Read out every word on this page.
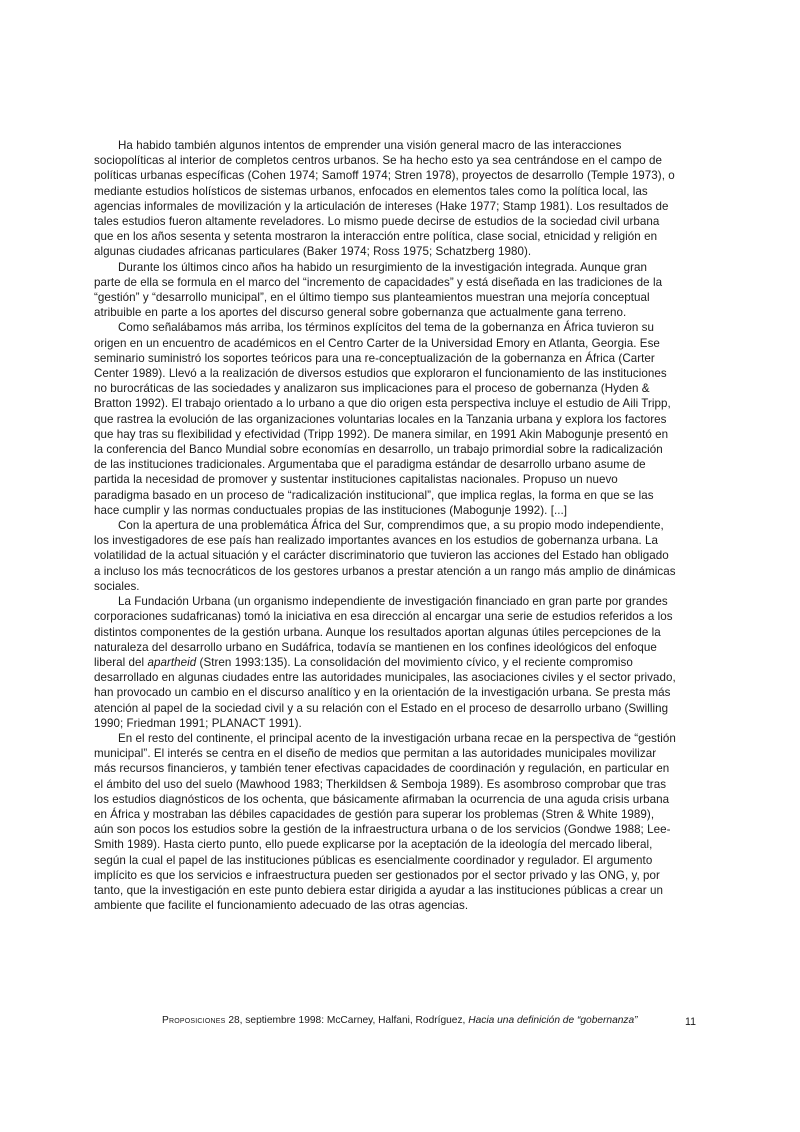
Ha habido también algunos intentos de emprender una visión general macro de las interacciones sociopolíticas al interior de completos centros urbanos. Se ha hecho esto ya sea centrándose en el campo de políticas urbanas específicas (Cohen 1974; Samoff 1974; Stren 1978), proyectos de desarrollo (Temple 1973), o mediante estudios holísticos de sistemas urbanos, enfocados en elementos tales como la política local, las agencias informales de movilización y la articulación de intereses (Hake 1977; Stamp 1981). Los resultados de tales estudios fueron altamente reveladores. Lo mismo puede decirse de estudios de la sociedad civil urbana que en los años sesenta y setenta mostraron la interacción entre política, clase social, etnicidad y religión en algunas ciudades africanas particulares (Baker 1974; Ross 1975; Schatzberg 1980).

Durante los últimos cinco años ha habido un resurgimiento de la investigación integrada. Aunque gran parte de ella se formula en el marco del “incremento de capacidades” y está diseñada en las tradiciones de la “gestión” y “desarrollo municipal”, en el último tiempo sus planteamientos muestran una mejoría conceptual atribuible en parte a los aportes del discurso general sobre gobernanza que actualmente gana terreno.

Como señalábamos más arriba, los términos explícitos del tema de la gobernanza en África tuvieron su origen en un encuentro de académicos en el Centro Carter de la Universidad Emory en Atlanta, Georgia. Ese seminario suministró los soportes teóricos para una re-conceptualización de la gobernanza en África (Carter Center 1989). Llevó a la realización de diversos estudios que exploraron el funcionamiento de las instituciones no burocráticas de las sociedades y analizaron sus implicaciones para el proceso de gobernanza (Hyden & Bratton 1992). El trabajo orientado a lo urbano a que dio origen esta perspectiva incluye el estudio de Aili Tripp, que rastrea la evolución de las organizaciones voluntarias locales en la Tanzania urbana y explora los factores que hay tras su flexibilidad y efectividad (Tripp 1992). De manera similar, en 1991 Akin Mabogunje presentó en la conferencia del Banco Mundial sobre economías en desarrollo, un trabajo primordial sobre la radicalización de las instituciones tradicionales. Argumentaba que el paradigma estándar de desarrollo urbano asume de partida la necesidad de promover y sustentar instituciones capitalistas nacionales. Propuso un nuevo paradigma basado en un proceso de “radicalización institucional”, que implica reglas, la forma en que se las hace cumplir y las normas conductuales propias de las instituciones (Mabogunje 1992). [...]

Con la apertura de una problemática África del Sur, comprendimos que, a su propio modo independiente, los investigadores de ese país han realizado importantes avances en los estudios de gobernanza urbana. La volatilidad de la actual situación y el carácter discriminatorio que tuvieron las acciones del Estado han obligado a incluso los más tecnocráticos de los gestores urbanos a prestar atención a un rango más amplio de dinámicas sociales.

La Fundación Urbana (un organismo independiente de investigación financiado en gran parte por grandes corporaciones sudafricanas) tomó la iniciativa en esa dirección al encargar una serie de estudios referidos a los distintos componentes de la gestión urbana. Aunque los resultados aportan algunas útiles percepciones de la naturaleza del desarrollo urbano en Sudáfrica, todavía se mantienen en los confines ideológicos del enfoque liberal del apartheid (Stren 1993:135). La consolidación del movimiento cívico, y el reciente compromiso desarrollado en algunas ciudades entre las autoridades municipales, las asociaciones civiles y el sector privado, han provocado un cambio en el discurso analítico y en la orientación de la investigación urbana. Se presta más atención al papel de la sociedad civil y a su relación con el Estado en el proceso de desarrollo urbano (Swilling 1990; Friedman 1991; PLANACT 1991).

En el resto del continente, el principal acento de la investigación urbana recae en la perspectiva de “gestión municipal”. El interés se centra en el diseño de medios que permitan a las autoridades municipales movilizar más recursos financieros, y también tener efectivas capacidades de coordinación y regulación, en particular en el ámbito del uso del suelo (Mawhood 1983; Therkildsen & Semboja 1989). Es asombroso comprobar que tras los estudios diagnósticos de los ochenta, que básicamente afirmaban la ocurrencia de una aguda crisis urbana en África y mostraban las débiles capacidades de gestión para superar los problemas (Stren & White 1989), aún son pocos los estudios sobre la gestión de la infraestructura urbana o de los servicios (Gondwe 1988; Lee-Smith 1989). Hasta cierto punto, ello puede explicarse por la aceptación de la ideología del mercado liberal, según la cual el papel de las instituciones públicas es esencialmente coordinador y regulador. El argumento implícito es que los servicios e infraestructura pueden ser gestionados por el sector privado y las ONG, y, por tanto, que la investigación en este punto debiera estar dirigida a ayudar a las instituciones públicas a crear un ambiente que facilite el funcionamiento adecuado de las otras agencias.

Proposiciones 28, septiembre 1998: McCarney, Halfani, Rodríguez, Hacia una definición de “gobernanza”	11
